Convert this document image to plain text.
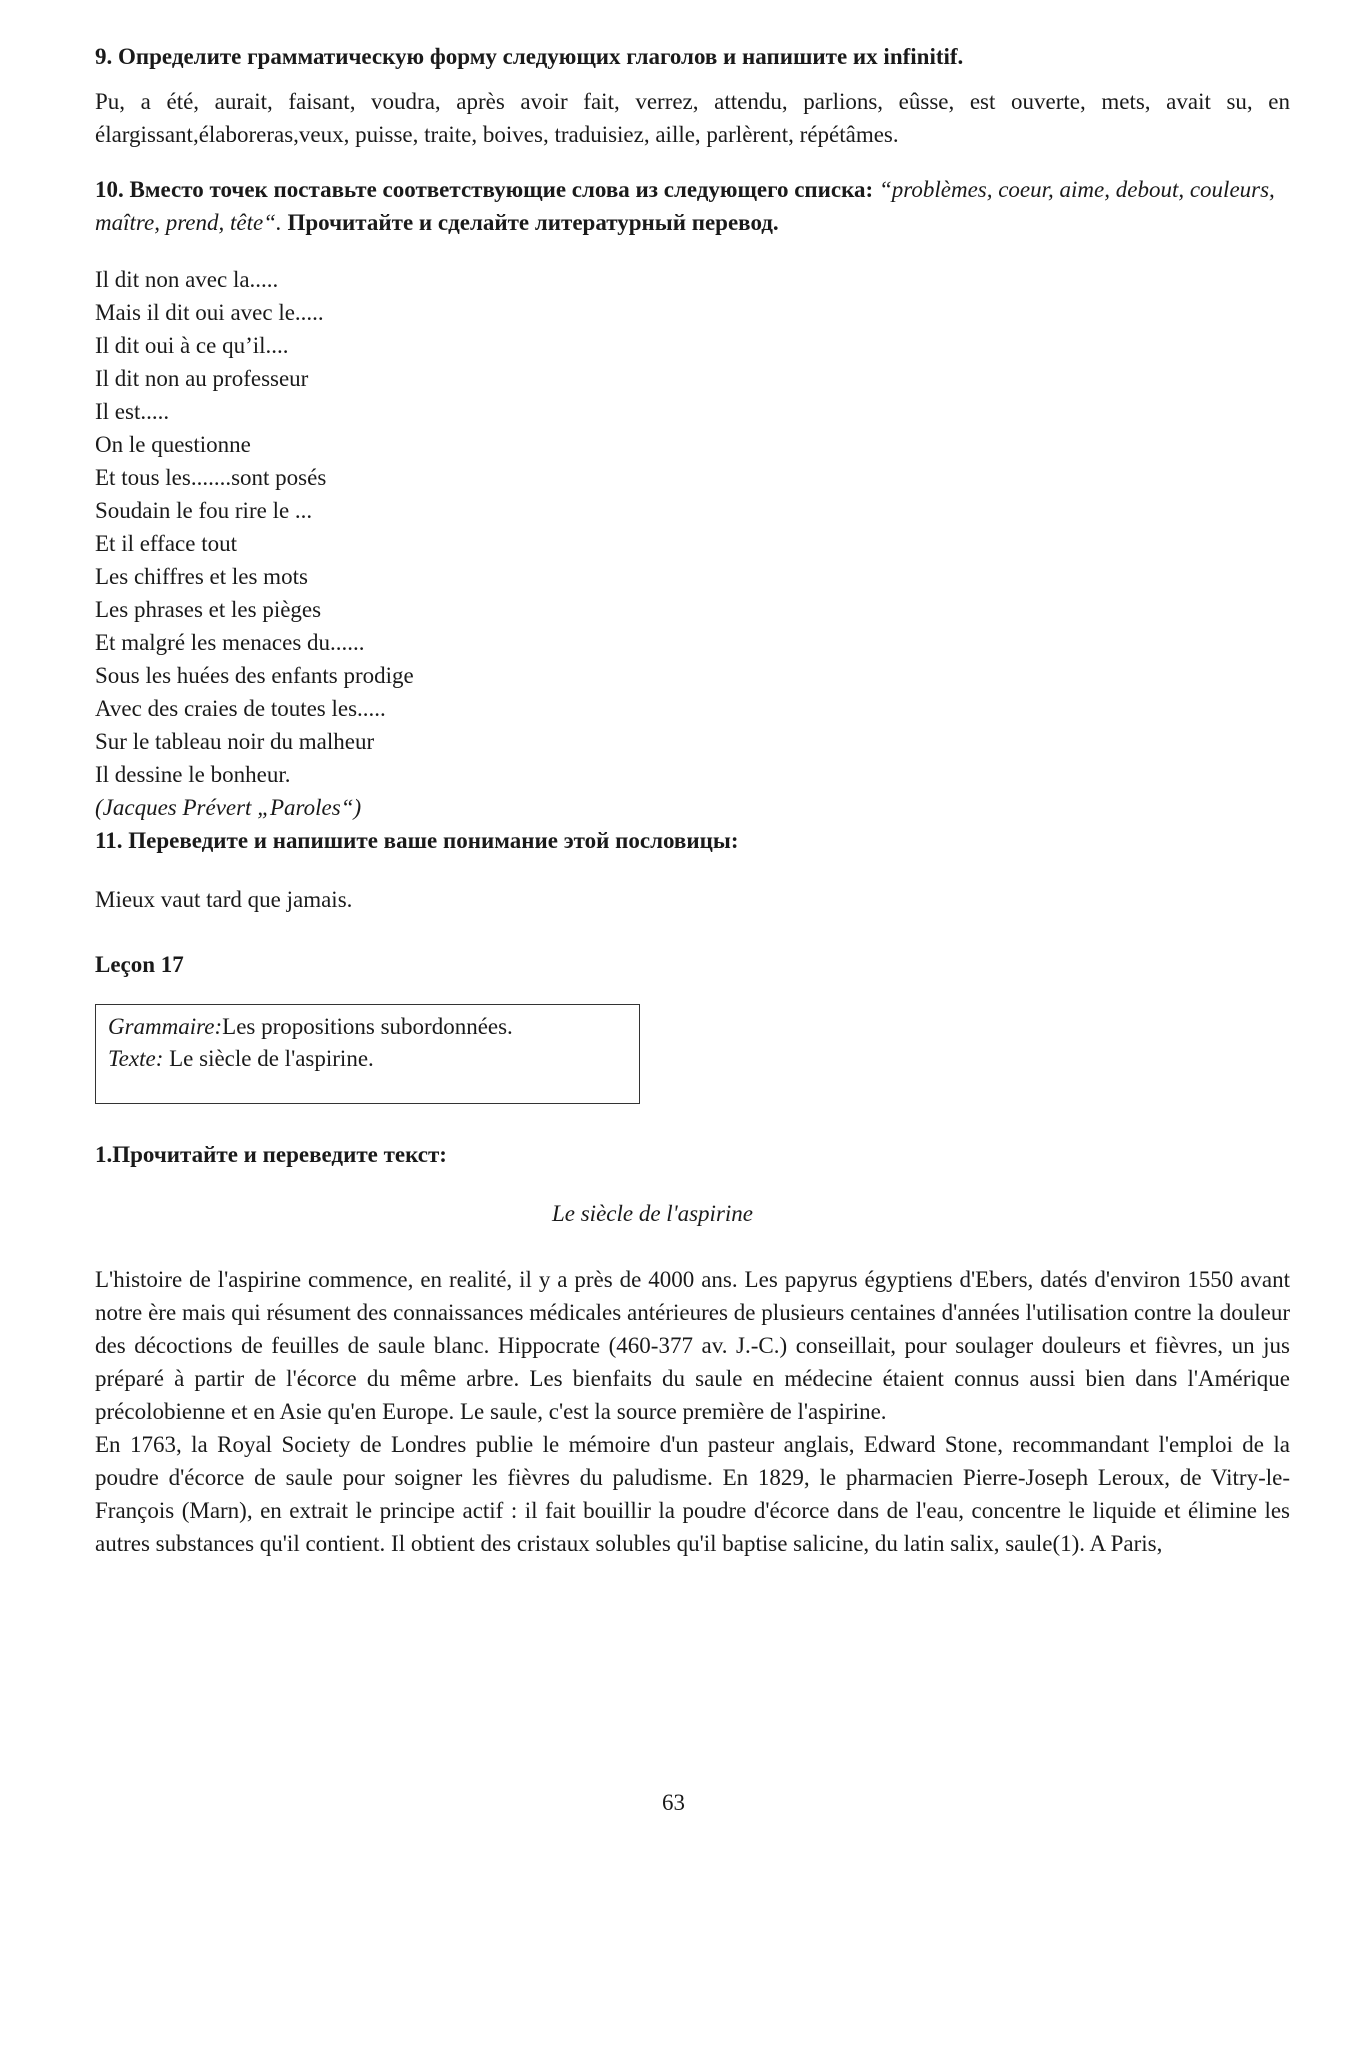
9. Определите грамматическую форму следующих глаголов и напишите их infinitif.

Pu, a été, aurait, faisant, voudra, après avoir fait, verrez, attendu, parlions, eûsse, est ouverte, mets, avait su, en élargissant,élaboreras,veux, puisse, traite, boives, traduisiez, aille, parlèrent, répétâmes.

10. Вместо точек поставьте соответствующие слова из следующего списка: “problèmes, coeur, aime, debout, couleurs, maître, prend, tête“. Прочитайте и сделайте литературный перевод.

Il dit non avec la.....
Mais il dit oui avec le.....
Il dit oui à ce qu’il....
Il dit non au professeur
Il est.....
On le questionne
Et tous les.......sont posés
Soudain le fou rire le ...
Et il efface tout
Les chiffres et les mots
Les phrases et les pièges
Et malgré les menaces du......
Sous les huées des enfants prodige
Avec des craies de toutes les.....
Sur le tableau noir du malheur
Il dessine le bonheur.
(Jacques Prévert „Paroles“)

11. Переведите и напишите ваше понимание этой пословицы:

Mieux vaut tard que jamais.

Leçon 17

Grammaire:Les propositions subordonnées.
Texte: Le siècle de l'aspirine.

1.Прочитайте и переведите текст:

Le siècle de l'aspirine

L'histoire de l'aspirine commence, en realité, il y a près de 4000 ans. Les papyrus égyptiens d'Ebers, datés d'environ 1550 avant notre ère mais qui résument des connaissances médicales antérieures de plusieurs centaines d'années l'utilisation contre la douleur des décoctions de feuilles de saule blanc. Hippocrate (460-377 av. J.-C.) conseillait, pour soulager douleurs et fièvres, un jus préparé à partir de l'écorce du même arbre. Les bienfaits du saule en médecine étaient connus aussi bien dans l'Amérique précolobienne et en Asie qu'en Europe. Le saule, c'est la source première de l'aspirine.

En 1763, la Royal Society de Londres publie le mémoire d'un pasteur anglais, Edward Stone, recommandant l'emploi de la poudre d'écorce de saule pour soigner les fièvres du paludisme. En 1829, le pharmacien Pierre-Joseph Leroux, de Vitry-le-François (Marn), en extrait le principe actif : il fait bouillir la poudre d'écorce dans de l'eau, concentre le liquide et élimine les autres substances qu'il contient. Il obtient des cristaux solubles qu'il baptise salicine, du latin salix, saule(1). A Paris,

63
